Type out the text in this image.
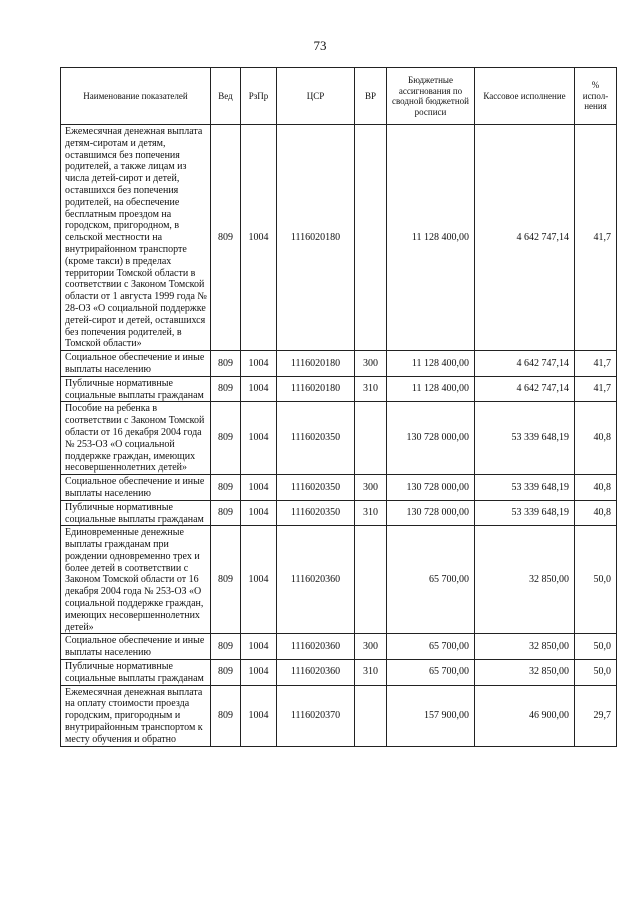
73
Наименование показателей	Вед	РзПр	ЦСР	ВР	Бюджетные ассигнования по сводной бюджетной росписи	Кассовое исполнение	% испол-нения
Ежемесячная денежная выплата детям-сиротам и детям, оставшимся без попечения родителей, а также лицам из числа детей-сирот и детей, оставшихся без попечения родителей, на обеспечение бесплатным проездом на городском, пригородном, в сельской местности на внутрирайонном транспорте (кроме такси) в пределах территории Томской области в соответствии с Законом Томской области от 1 августа 1999 года № 28-ОЗ «О социальной поддержке детей-сирот и детей, оставшихся без попечения родителей, в Томской области»	809	1004	1116020180		11 128 400,00	4 642 747,14	41,7
Социальное обеспечение и иные выплаты населению	809	1004	1116020180	300	11 128 400,00	4 642 747,14	41,7
Публичные нормативные социальные выплаты гражданам	809	1004	1116020180	310	11 128 400,00	4 642 747,14	41,7
Пособие на ребенка в соответствии с Законом Томской области от 16 декабря 2004 года № 253-ОЗ «О социальной поддержке граждан, имеющих несовершеннолетних детей»	809	1004	1116020350		130 728 000,00	53 339 648,19	40,8
Социальное обеспечение и иные выплаты населению	809	1004	1116020350	300	130 728 000,00	53 339 648,19	40,8
Публичные нормативные социальные выплаты гражданам	809	1004	1116020350	310	130 728 000,00	53 339 648,19	40,8
Единовременные денежные выплаты гражданам при рождении одновременно трех и более детей в соответствии с Законом Томской области от 16 декабря 2004 года № 253-ОЗ «О социальной поддержке граждан, имеющих несовершеннолетних детей»	809	1004	1116020360		65 700,00	32 850,00	50,0
Социальное обеспечение и иные выплаты населению	809	1004	1116020360	300	65 700,00	32 850,00	50,0
Публичные нормативные социальные выплаты гражданам	809	1004	1116020360	310	65 700,00	32 850,00	50,0
Ежемесячная денежная выплата на оплату стоимости проезда городским, пригородным и внутрирайонным транспортом к месту обучения и обратно	809	1004	1116020370		157 900,00	46 900,00	29,7
